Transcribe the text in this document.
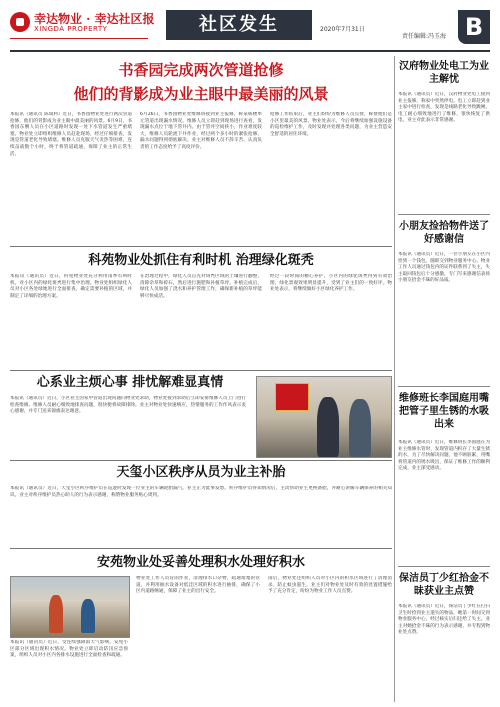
幸达物业 · 幸达社区报
XINGDA PROPERTY	社区发生	2020年7月31日
责任编辑:冯玉海 B
书香园完成两次管道抢修
他们的背影成为业主眼中最美丽的风景
本报讯（通讯员 陈瑞利）近日，书香园物业处进行两次管道抢修，他们的背影成为业主眼中最美丽的风景。6月9日，书香园东侧人员在小区道路时发现一处下水管道发生严重堵塞，物业处立即组织维修人员赶赴现场，经过仔细排查，发现是管道老化导致堵塞。维修人员克服天气炎热等困难，连续奋战数个小时，终于将管道疏通，保障了业主的正常生活。
6月26日，书香园物业处维修班接到业主报修，称某栋楼单元管道出现漏水情况。维修人员立即赶到现场进行查看，发现漏水点位于地下管井内。由于管井空间狭小，作业难度较大，维修人员轮流下井作业，经过两个多小时的紧张抢修，漏水问题得到彻底解决。业主对维修人员不辞辛苦、认真负责的工作态度给予了高度评价。
抢修工作结束后，业主们纷纷为维修人员点赞，称赞他们是小区里最美的风景。物业处表示，今后将继续加强设施设备的巡检维护工作，及时发现并处理各类问题，为业主营造安全舒适的居住环境。
科苑物业处抓住有利时机 治理绿化斑秃
本报讯（通讯员）近日，科苑物业处充分利用雨季有利时机，对小区内的绿化斑秃进行集中治理。物业处组织绿化人员对小区各处绿地进行全面排查，确定需要补植的区域，并制定了详细的治理方案。
在治理过程中，绿化人员首先对斑秃区域的土壤进行翻整，清除杂草和碎石，然后进行施肥和补植草坪。补植完成后，绿化人员加强了浇水和养护管理工作，确保新补植的草坪能够尽快成活。
经过一段时间的精心养护，小区内的绿化斑秃得到有效治理，绿化景观效果明显提升，受到了业主们的一致好评。物业处表示，将继续做好小区绿化养护工作。
心系业主烦心事 排忧解难显真情
本报讯（通讯员）近日，小区业主因家中管道出现问题向物业处求助，物业处接到求助后立即安排维修人员上门进行检查维修。维修人员耐心细致地排查问题，很快便将故障排除。业主对物业处快速响应、热情服务的工作作风表示衷心感谢，并专门送来锦旗表达谢意。
天玺小区秩序从员为业主补胎
本报讯（通讯员）近日，天玺小区秩序维护员在巡逻时发现一位业主的车辆轮胎漏气，业主正为此事发愁。秩序维护员得知情况后，主动帮助业主更换备胎，并耐心讲解车辆保养的相关知识。业主对秩序维护员热心助人的行为表示感谢，称赞物业服务贴心周到。
安苑物业处妥善处理积水处理好积水
本报讯（通讯员）近日，受连续强降雨天气影响，安苑小区部分区域出现积水情况。物业处立即启动防汛应急预案，组织人员对小区内各排水设施进行全面检查和疏通。
物业处工作人员冒雨作业，清理排水口杂物，疏通堵塞的管道，并利用抽水设备对低洼区域的积水进行抽排，确保了小区内道路畅通，保障了业主的出行安全。
雨后，物业处还组织人员对小区内的积水区域进行了清理消杀，防止蚊虫滋生。业主们对物业处及时有效的处置措施给予了充分肯定，纷纷为物业工作人员点赞。
汉府物业处电工为业主解忧
本报讯（通讯员）近日，汉府物业处电工接到业主报修，称家中突然停电。电工立即赶到业主家中进行检查，发现是线路老化导致跳闸。电工耐心细致地进行了维修，很快恢复了供电，业主对此表示非常感谢。
小朋友捡拾物件送了好感谢信
本报讯（通讯员）近日，一位小朋友在小区内捡到一个钱包，随即交到物业服务中心。物业工作人员通过钱包内的证件联系到了失主，失主取回钱包后十分感激，专门写来感谢信表扬小朋友拾金不昧的好品质。
维修班长李国庭用嘴把管子里生锈的水吸出来
本报讯（通讯员）近日，维修班长李国庭在为业主维修水管时，发现管道内积存了大量生锈的水，为了尽快解决问题，他不顾脏累，用嘴将管道内的锈水吸出，保证了维修工作的顺利完成，业主深受感动。
保洁员丁少红拾金不昧获业主点赞
本报讯（通讯员）近日，保洁员丁少红在打扫卫生时捡到业主遗失的物品，她第一时间交到物业服务中心，经过核实后归还给了失主。业主对她拾金不昧的行为表示感谢，并专程到物业处点赞。
